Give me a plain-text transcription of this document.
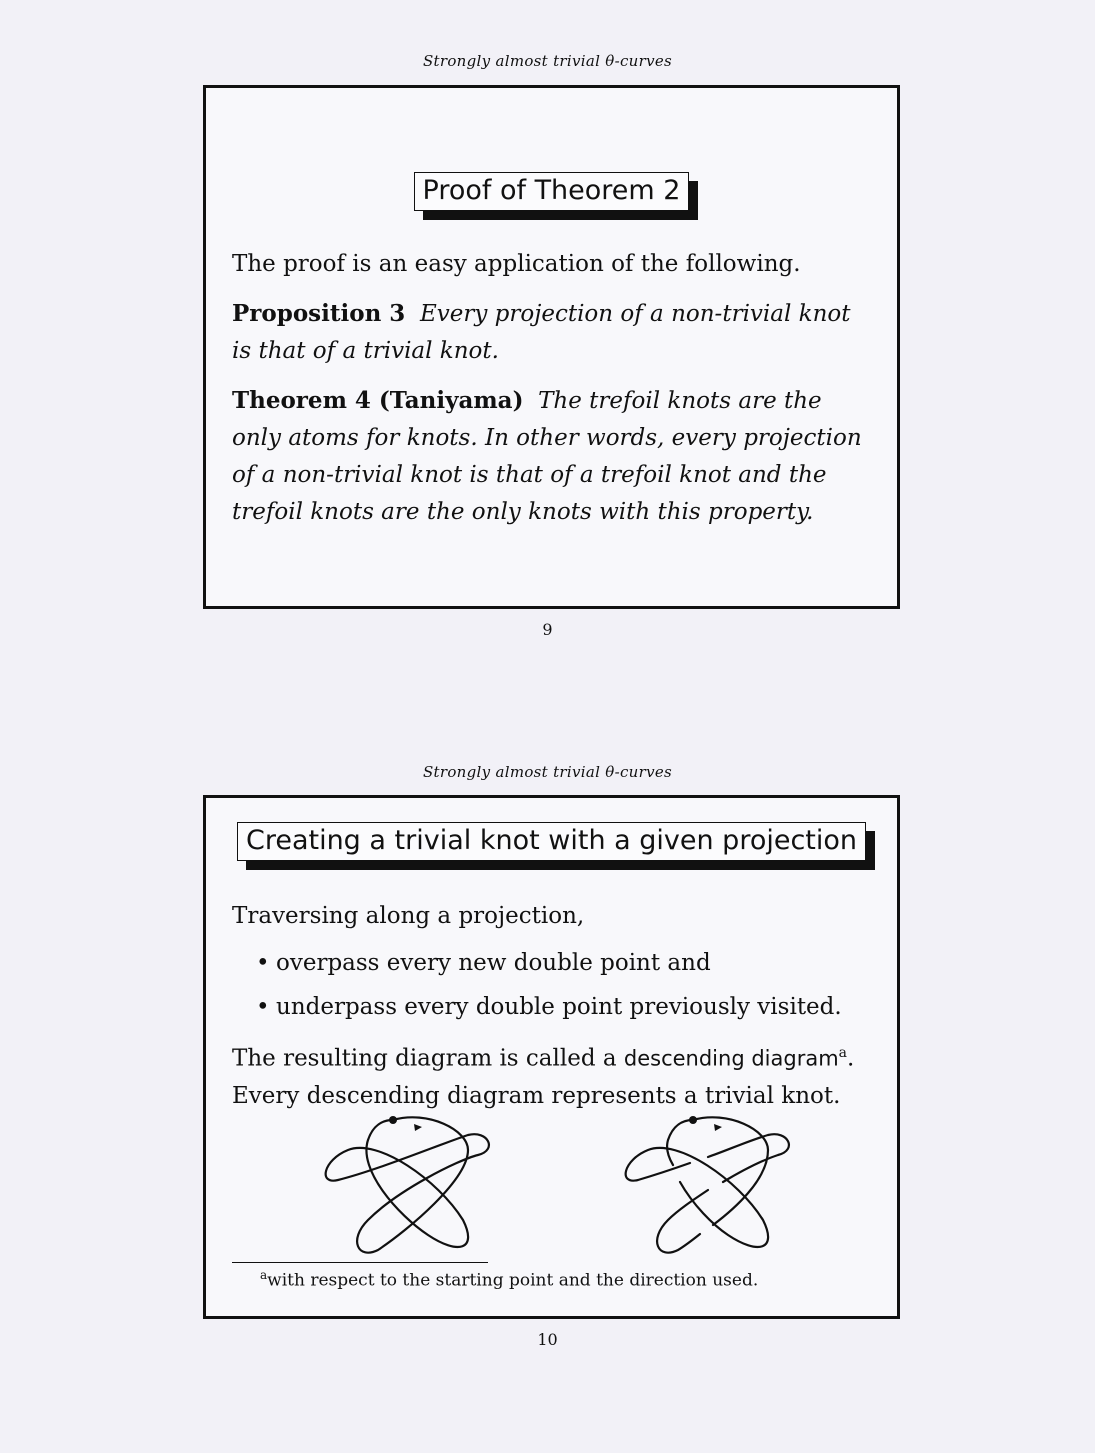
Strongly almost trivial θ-curves
Proof of Theorem 2

The proof is an easy application of the following.

Proposition 3 Every projection of a non-trivial knot is that of a trivial knot.

Theorem 4 (Taniyama) The trefoil knots are the only atoms for knots. In other words, every projection of a non-trivial knot is that of a trefoil knot and the trefoil knots are the only knots with this property.

9
Strongly almost trivial θ-curves
Creating a trivial knot with a given projection

Traversing along a projection,

• overpass every new double point and
• underpass every double point previously visited.

The resulting diagram is called a descending diagram$^a$.

Every descending diagram represents a trivial knot.

$^a$with respect to the starting point and the direction used.
10
